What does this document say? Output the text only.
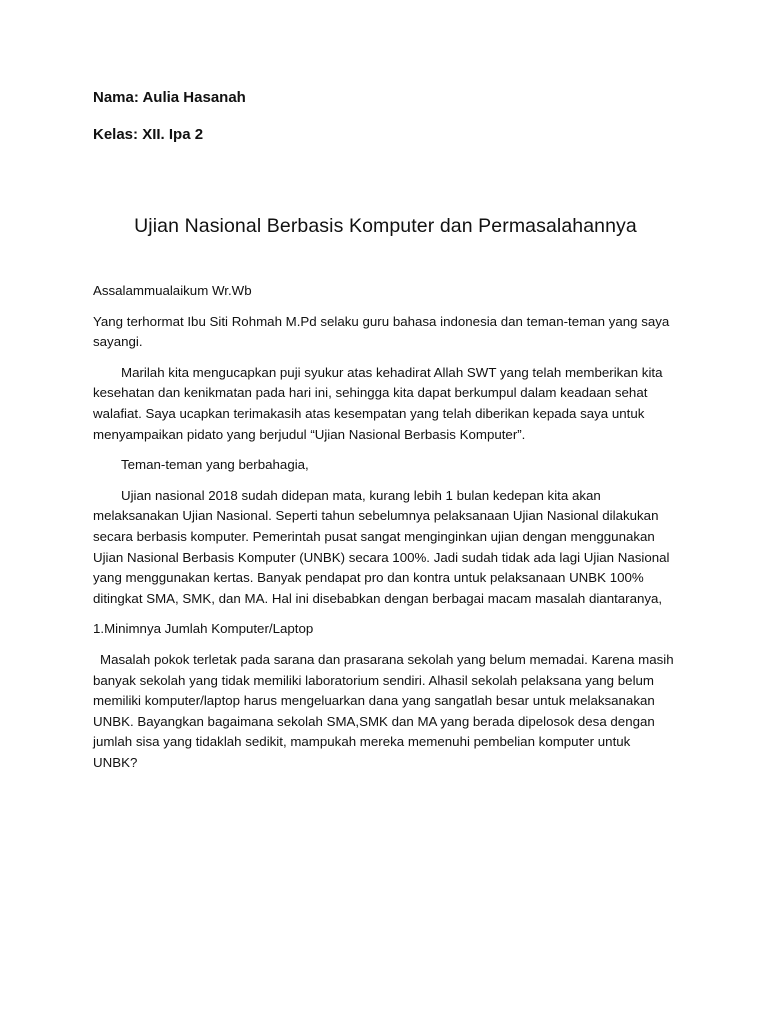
Nama: Aulia Hasanah

Kelas: XII. Ipa 2

Ujian Nasional Berbasis Komputer dan Permasalahannya

Assalammualaikum Wr.Wb

Yang terhormat Ibu Siti Rohmah M.Pd selaku guru bahasa indonesia dan teman-teman yang saya sayangi.

Marilah kita mengucapkan puji syukur atas kehadirat Allah SWT yang telah memberikan kita kesehatan dan kenikmatan pada hari ini, sehingga kita dapat berkumpul dalam keadaan sehat walafiat. Saya ucapkan terimakasih atas kesempatan yang telah diberikan kepada saya untuk menyampaikan pidato yang berjudul “Ujian Nasional Berbasis Komputer”.

Teman-teman yang berbahagia,

Ujian nasional 2018 sudah didepan mata, kurang lebih 1 bulan kedepan kita akan melaksanakan Ujian Nasional. Seperti tahun sebelumnya pelaksanaan Ujian Nasional dilakukan secara berbasis komputer. Pemerintah pusat sangat menginginkan ujian dengan menggunakan Ujian Nasional Berbasis Komputer (UNBK) secara 100%. Jadi sudah tidak ada lagi Ujian Nasional yang menggunakan kertas. Banyak pendapat pro dan kontra untuk pelaksanaan UNBK 100% ditingkat SMA, SMK, dan MA. Hal ini disebabkan dengan berbagai macam masalah diantaranya,

1.Minimnya Jumlah Komputer/Laptop

Masalah pokok terletak pada sarana dan prasarana sekolah yang belum memadai. Karena masih banyak sekolah yang tidak memiliki laboratorium sendiri. Alhasil sekolah pelaksana yang belum memiliki komputer/laptop harus mengeluarkan dana yang sangatlah besar untuk melaksanakan UNBK. Bayangkan bagaimana sekolah SMA,SMK dan MA yang berada dipelosok desa dengan jumlah sisa yang tidaklah sedikit, mampukah mereka memenuhi pembelian komputer untuk UNBK?
